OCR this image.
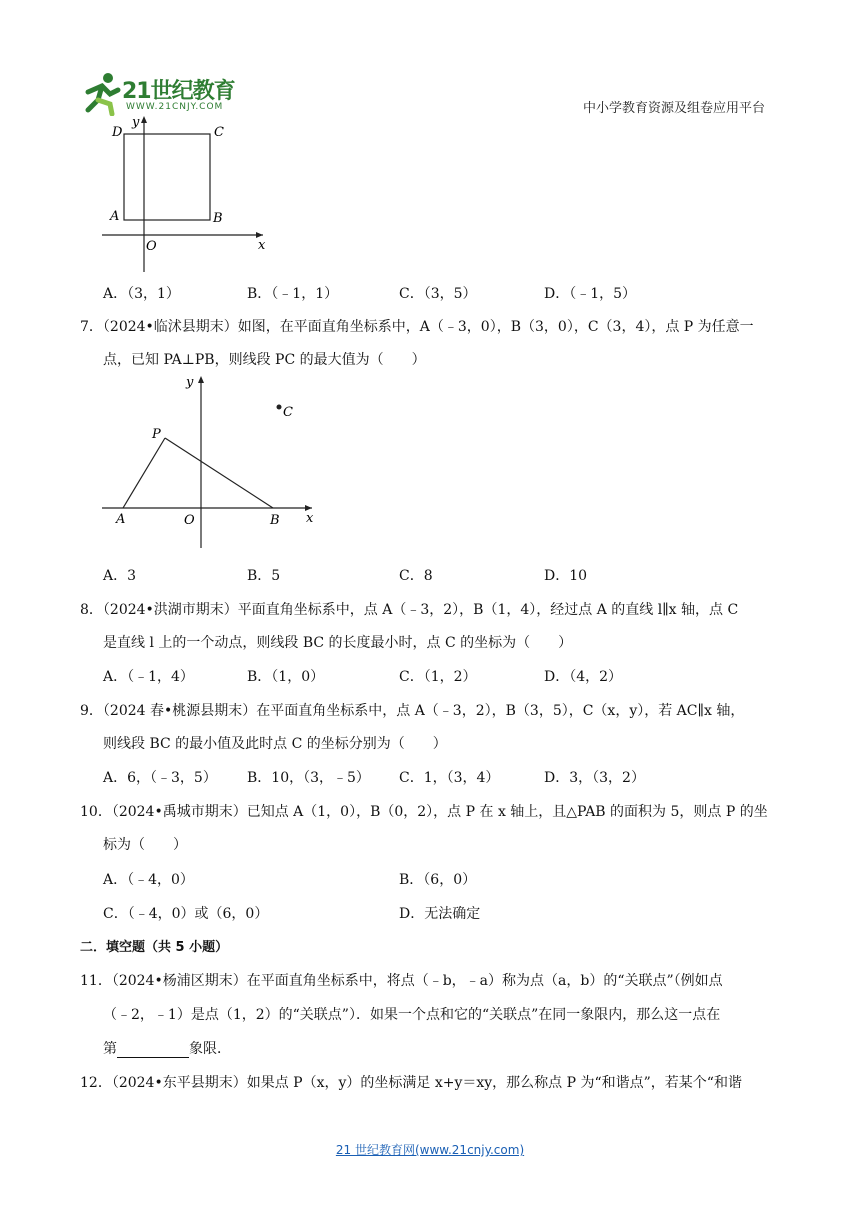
21世纪教育
WWW.21CNJY.COM	中小学教育资源及组卷应用平台
D	C
A	B
O	x
y
A．（3，1）	B．（﹣1，1）	C．（3，5）	D．（﹣1，5）
7．（2024•临沭县期末）如图，在平面直角坐标系中，A（﹣3，0），B（3，0），C（3，4），点 P 为任意一
点，已知 PA⊥PB，则线段 PC 的最大值为（　　）
P
C
A	O	B x
y
A．3	B．5	C．8	D．10
8．（2024•洪湖市期末）平面直角坐标系中，点 A（﹣3，2），B（1，4），经过点 A 的直线 l∥x 轴，点 C
是直线 l 上的一个动点，则线段 BC 的长度最小时，点 C 的坐标为（　　）
A．（﹣1，4）	B．（1，0）	C．（1，2）	D．（4，2）
9．（2024 春•桃源县期末）在平面直角坐标系中，点 A（﹣3，2），B（3，5），C（x，y），若 AC∥x 轴，
则线段 BC 的最小值及此时点 C 的坐标分别为（　　）
A．6，（﹣3，5） B．10，（3，﹣5） C．1，（3，4）	D．3，（3，2）
10．（2024•禹城市期末）已知点 A（1，0），B（0，2），点 P 在 x 轴上，且△PAB 的面积为 5，则点 P 的坐
标为（　　）
A．（﹣4，0）	B．（6，0）
C．（﹣4，0）或（6，0）	D．无法确定
二．填空题（共 5 小题）
11．（2024•杨浦区期末）在平面直角坐标系中，将点（﹣b，﹣a）称为点（a，b）的“关联点”（例如点
（﹣2，﹣1）是点（1，2）的“关联点”）．如果一个点和它的“关联点”在同一象限内，那么这一点在
第	象限．
12．（2024•东平县期末）如果点 P（x，y）的坐标满足 x+y＝xy，那么称点 P 为“和谐点”，若某个“和谐
21 世纪教育网(www.21cnjy.com)
